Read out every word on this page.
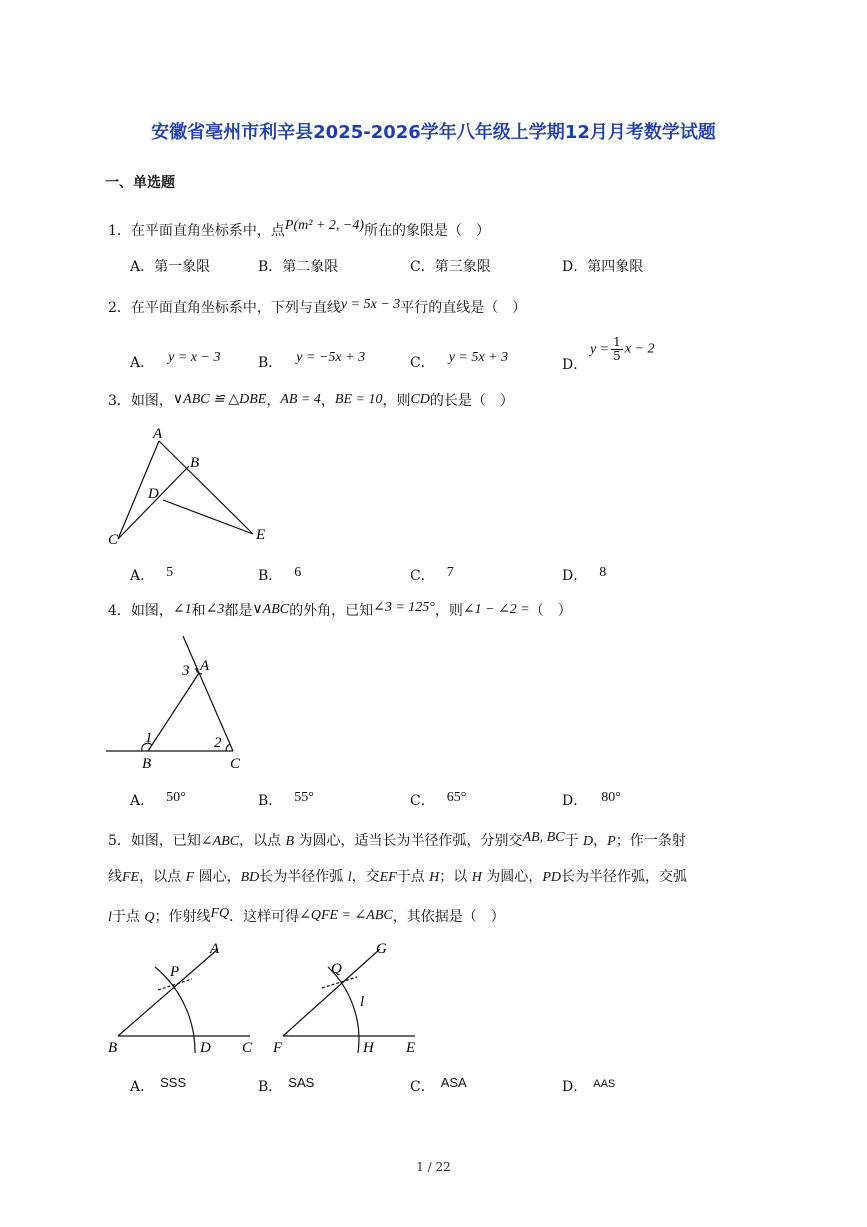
安徽省亳州市利辛县2025-2026学年八年级上学期12月月考数学试题
一、单选题
1．在平面直角坐标系中，点P(m² + 2, −4)所在的象限是（　）
A．第一象限	B．第二象限	C．第三象限	D．第四象限
2．在平面直角坐标系中，下列与直线y = 5x − 3平行的直线是（　）
A． y = x − 3	B． y = −5x + 3	C． y = 5x + 3	D．
$y = \frac{1}{5}$ x − 2
3．如图，∨ABC ≌ △DBE，AB = 4，BE = 10，则CD的长是（　）
A
B
D
C	E
A． 5	B． 6	C． 7	D． 8
4．如图，∠1和∠3都是∨ABC的外角，已知∠3 = 125°，则∠1 − ∠2 =（　）
3 A
1	2
B	C
A． 50°	B． 55°	C． 65°	D． 80°
5．如图，已知∠ABC，以点 B 为圆心，适当长为半径作弧，分别交AB, BC于 D，P；作一条射
线FE，以点 F 圆心，BD长为半径作弧 l，交EF于点 H；以 H 为圆心，PD长为半径作弧，交弧
l于点 Q；作射线FQ．这样可得∠QFE = ∠ABC，其依据是（　）
A
P
B	D C
G
Q
l
F	H E
A． SSS	B． SAS	C． ASA	D． $^{AAS}$
1 / 22
